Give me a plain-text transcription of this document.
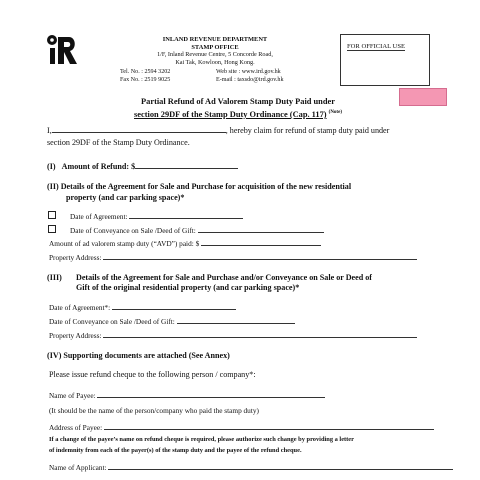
INLAND REVENUE DEPARTMENT
STAMP OFFICE
1/F, Inland Revenue Centre, 5 Concorde Road,
Kai Tak, Kowloon, Hong Kong.
Tel. No. : 2594 3202
Fax No. : 2519 9025
Web site : www.ird.gov.hk
E-mail : taxsdo@ird.gov.hk
FOR OFFICIAL USE
Partial Refund of Ad Valorem Stamp Duty Paid under
section 29DF of the Stamp Duty Ordinance (Cap. 117) $^{(Note)}$
I,	, hereby claim for refund of stamp duty paid under
section 29DF of the Stamp Duty Ordinance.
(I)   Amount of Refund: $
(II) Details of the Agreement for Sale and Purchase for acquisition of the new residential
property (and car parking space)*
Date of Agreement:
Date of Conveyance on Sale /Deed of Gift:
Amount of ad valorem stamp duty (“AVD”) paid: $
Property Address:
(III) Details of the Agreement for Sale and Purchase and/or Conveyance on Sale or Deed of
Gift of the original residential property (and car parking space)*
Date of Agreement*:
Date of Conveyance on Sale /Deed of Gift:
Property Address:
(IV) Supporting documents are attached (See Annex)
Please issue refund cheque to the following person / company*:
Name of Payee:
(It should be the name of the person/company who paid the stamp duty)
Address of Payee:
If a change of the payee’s name on refund cheque is required, please authorize such change by providing a letter
of indemnity from each of the payer(s) of the stamp duty and the payee of the refund cheque.
Name of Applicant:
